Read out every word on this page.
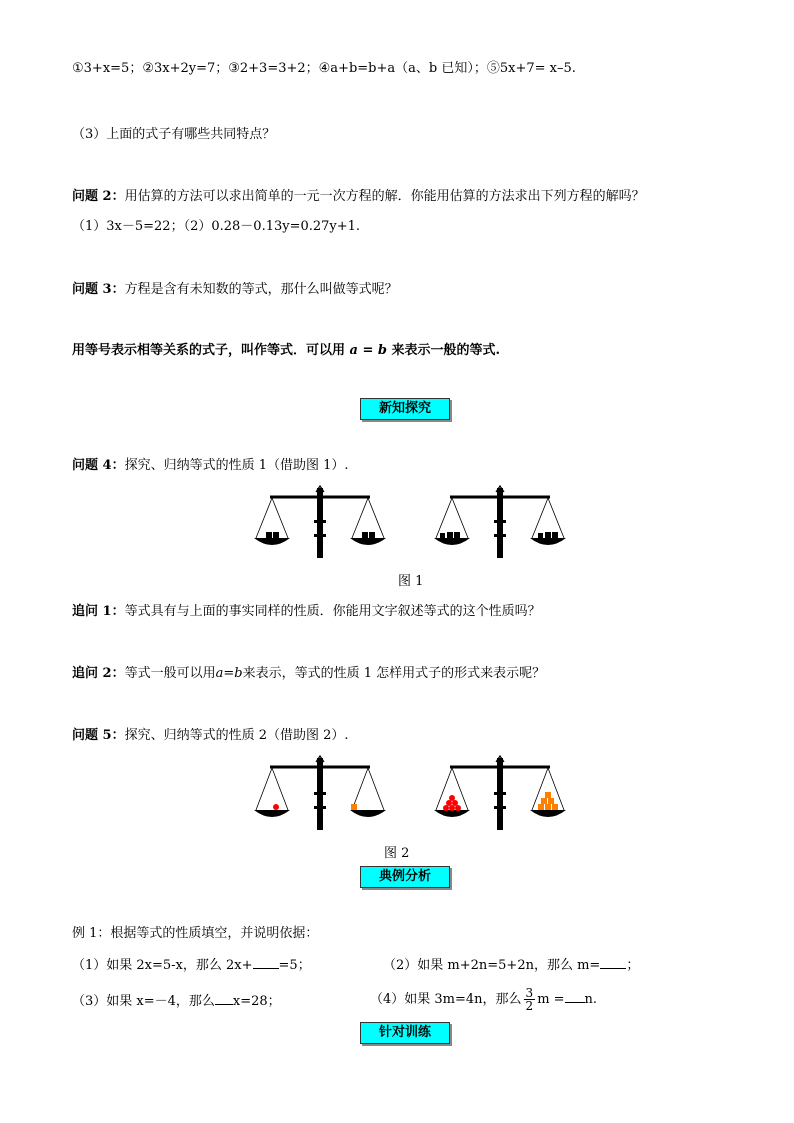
①3+x=5；②3x+2y=7；③2+3=3+2；④a+b=b+a（a、b 已知）；⑤5x+7= x–5.
（3）上面的式子有哪些共同特点？
问题 2：用估算的方法可以求出简单的一元一次方程的解．你能用估算的方法求出下列方程的解吗？
（1）3x－5=22；（2）0.28－0.13y=0.27y+1.
问题 3：方程是含有未知数的等式，那什么叫做等式呢？
用等号表示相等关系的式子，叫作等式．可以用 a = b 来表示一般的等式.
新知探究
问题 4：探究、归纳等式的性质 1（借助图 1）.
图 1
追问 1：等式具有与上面的事实同样的性质．你能用文字叙述等式的这个性质吗？
追问 2：等式一般可以用a=b来表示，等式的性质 1 怎样用式子的形式来表示呢？
问题 5：探究、归纳等式的性质 2（借助图 2）.
图 2
典例分析
例 1：根据等式的性质填空，并说明依据：
（1）如果 2x=5-x，那么 2x+ =5；	（2）如果 m+2n=5+2n，那么 m= ；
（3）如果 x=－4，那么 x=28；	（4）如果 3m=4n，那么 $\frac{3}{2}$ m = n.
针对训练
